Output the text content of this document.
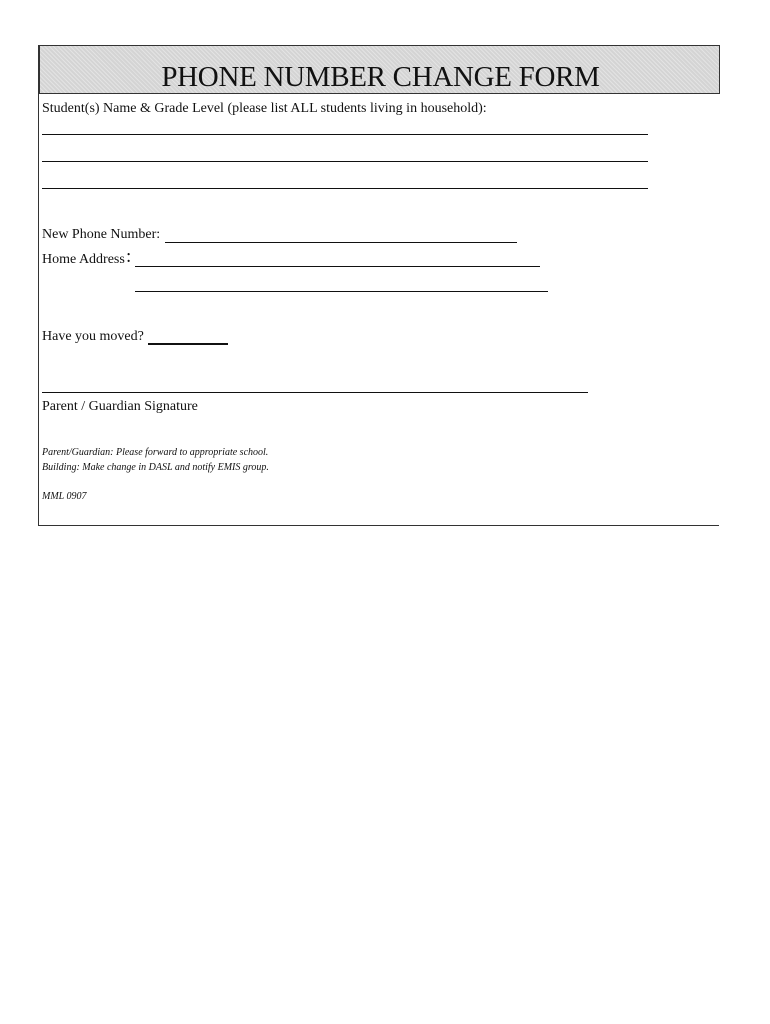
PHONE NUMBER CHANGE FORM
Student(s) Name & Grade Level (please list ALL students living in household):
New Phone Number:
Home Address :
Have you moved?
Parent / Guardian Signature
Parent/Guardian: Please forward to appropriate school.
Building: Make change in DASL and notify EMIS group.
MML 0907
